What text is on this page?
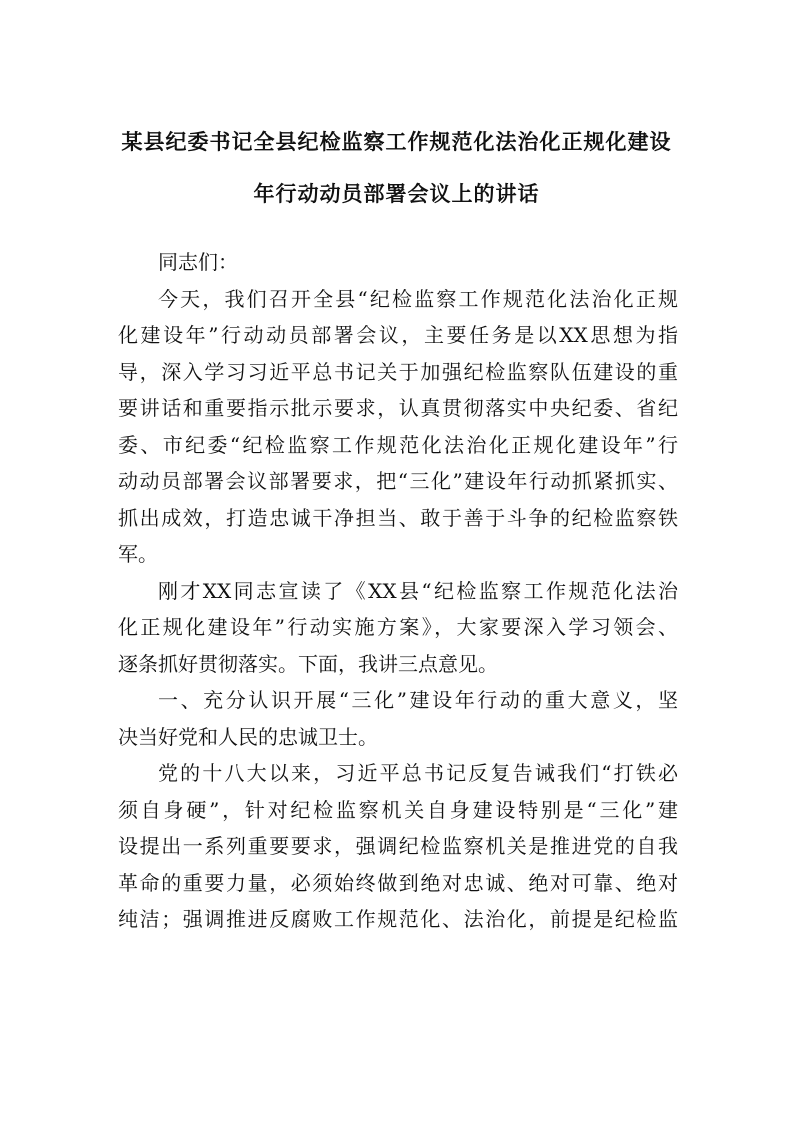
某县纪委书记全县纪检监察工作规范化法治化正规化建设
年行动动员部署会议上的讲话

同志们：

今天，我们召开全县“纪检监察工作规范化法治化正规
化建设年”行动动员部署会议，主要任务是以XX思想为指
导，深入学习习近平总书记关于加强纪检监察队伍建设的重
要讲话和重要指示批示要求，认真贯彻落实中央纪委、省纪
委、市纪委“纪检监察工作规范化法治化正规化建设年”行
动动员部署会议部署要求，把“三化”建设年行动抓紧抓实、
抓出成效，打造忠诚干净担当、敢于善于斗争的纪检监察铁
军。

刚才XX同志宣读了《XX县“纪检监察工作规范化法治
化正规化建设年”行动实施方案》，大家要深入学习领会、
逐条抓好贯彻落实。下面，我讲三点意见。

一、充分认识开展“三化”建设年行动的重大意义，坚
决当好党和人民的忠诚卫士。

党的十八大以来，习近平总书记反复告诫我们“打铁必
须自身硬”，针对纪检监察机关自身建设特别是“三化”建
设提出一系列重要要求，强调纪检监察机关是推进党的自我
革命的重要力量，必须始终做到绝对忠诚、绝对可靠、绝对
纯洁；强调推进反腐败工作规范化、法治化，前提是纪检监
